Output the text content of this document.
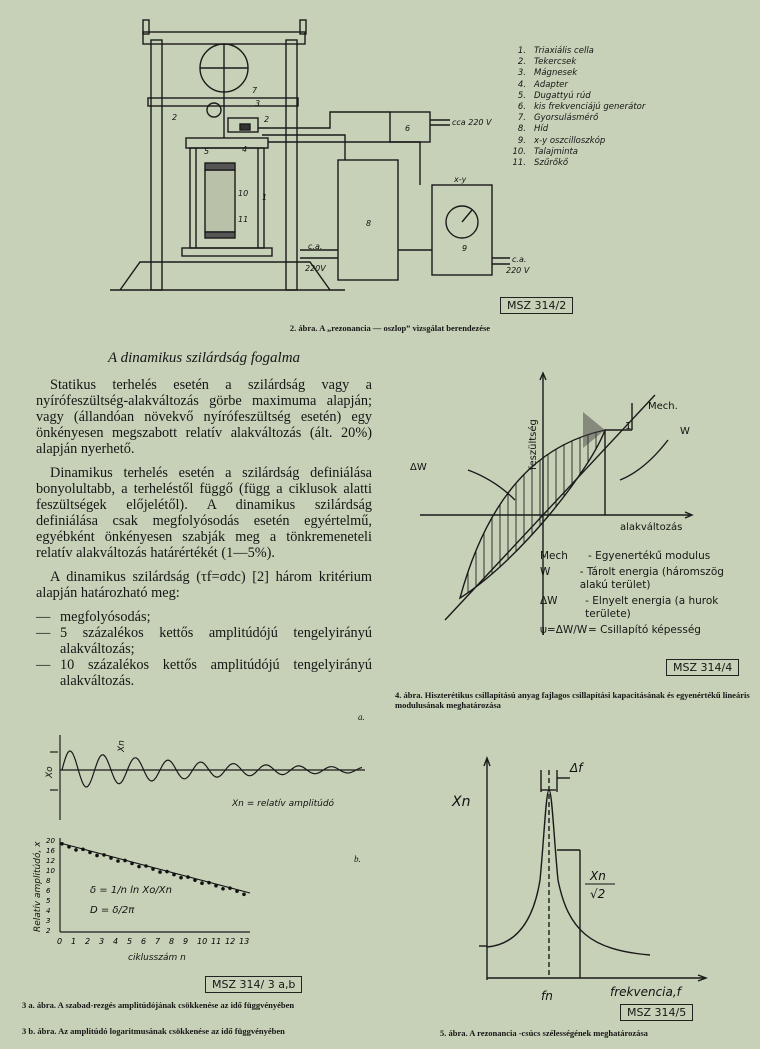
1
2
3
4
5
6
7
8
9
10
11
2	cca 220 V
x-y
c.a.
220V
c.a.
220 V
1. Triaxiális cella
2. Tekercsek
3. Mágnesek
4. Adapter
5. Dugattyú rúd
6. kis frekvenciájú generátor
7. Gyorsulásmérő
8. Híd
9. x-y oszcilloszkóp
10. Talajminta
11. Szűrőkő
MSZ 314/2
2. ábra. A „rezonancia — oszlop” vizsgálat berendezése
A dinamikus szilárdság fogalma

Statikus terhelés esetén a szilárdság vagy a nyírófeszültség-alakváltozás görbe maximuma alapján; vagy (állandóan növekvő nyírófeszültség esetén) egy önkényesen megszabott relatív alakváltozás (ált. 20%) alapján nyerhető.

Dinamikus terhelés esetén a szilárdság definiálása bonyolultabb, a terheléstől függő (függ a ciklusok alatti feszültségek előjelétől). A dinamikus szilárdság definiálása csak megfolyósodás esetén egyértelmű, egyébként önkényesen szabják meg a tönkremeneteli relatív alakváltozás határértékét (1—5%).

A dinamikus szilárdság (τf=σdc) [2] három kritérium alapján határozható meg:

— megfolyósodás;
— 5 százalékos kettős amplitúdójú tengelyirányú alakváltozás;
— 10 százalékos kettős amplitúdójú tengelyirányú alakváltozás.
feszültség
alakváltozás
Mech.
1	W
ΔW
Mech	- Egyenertékű modulus
W	- Tárolt energia (háromszög alakú terület)
ΔW	- Elnyelt energia (a hurok területe)
ψ=ΔW/W = Csillapító képesség
MSZ 314/4
4. ábra. Hiszterétikus csillapítású anyag fajlagos csillapítási kapacitásának és egyenértékű lineáris modulusának meghatározása
0 1 2 3 4 5 6 7 8 9 10 11 12 13
20
16
12
10
8
6
5
4
3
2
a.
b.
Xo
Xn
Xn = relatív amplitúdó
Relatív amplitúdó, x
ciklusszám n
δ = 1/n ln Xo/Xn
D = δ/2π
MSZ 314/ 3 a,b
3 a. ábra. A szabad-rezgés amplitúdójának csökkenése az idő függvényében
3 b. ábra. Az amplitúdó logaritmusának csökkenése az idő függvényében
Xn
Xn
√2
Δf
fn	frekvencia,f
MSZ 314/5
5. ábra. A rezonancia -csúcs szélességének meghatározása
